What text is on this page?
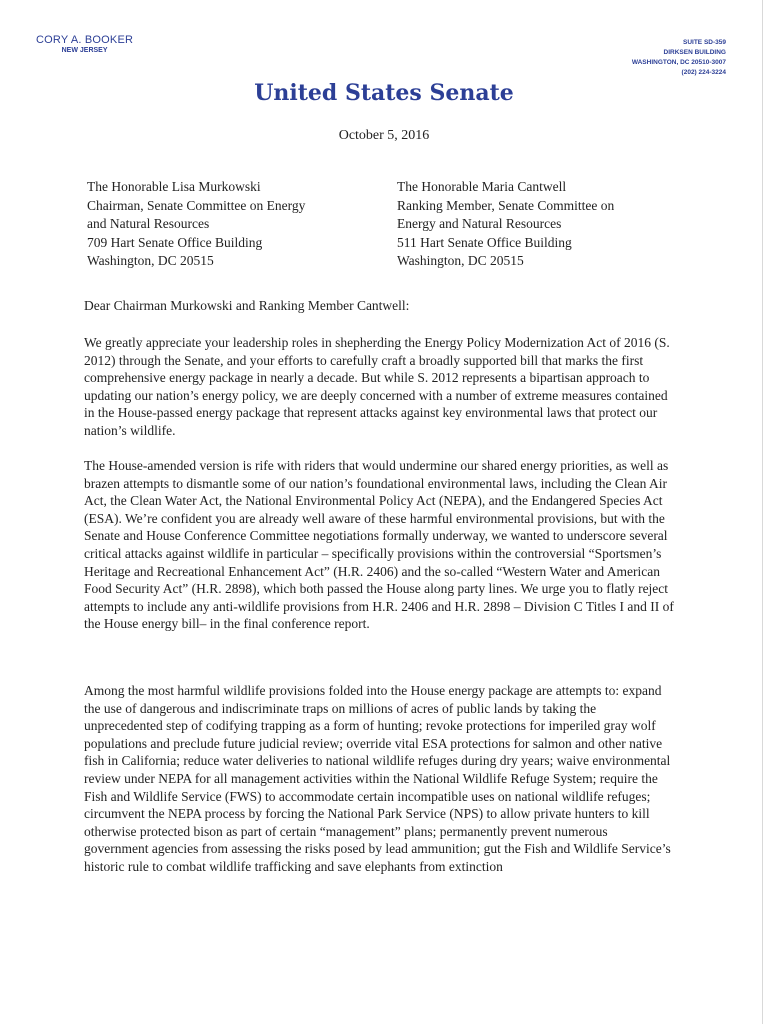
CORY A. BOOKER
NEW JERSEY
SUITE SD-359
DIRKSEN BUILDING
WASHINGTON, DC 20510-3007
(202) 224-3224
United States Senate
October 5, 2016
The Honorable Lisa Murkowski
Chairman, Senate Committee on Energy
and Natural Resources
709 Hart Senate Office Building
Washington, DC 20515
The Honorable Maria Cantwell
Ranking Member, Senate Committee on
Energy and Natural Resources
511 Hart Senate Office Building
Washington, DC 20515
Dear Chairman Murkowski and Ranking Member Cantwell:

We greatly appreciate your leadership roles in shepherding the Energy Policy Modernization Act of 2016 (S. 2012) through the Senate, and your efforts to carefully craft a broadly supported bill that marks the first comprehensive energy package in nearly a decade. But while S. 2012 represents a bipartisan approach to updating our nation’s energy policy, we are deeply concerned with a number of extreme measures contained in the House-passed energy package that represent attacks against key environmental laws that protect our nation’s wildlife.

The House-amended version is rife with riders that would undermine our shared energy priorities, as well as brazen attempts to dismantle some of our nation’s foundational environmental laws, including the Clean Air Act, the Clean Water Act, the National Environmental Policy Act (NEPA), and the Endangered Species Act (ESA). We’re confident you are already well aware of these harmful environmental provisions, but with the Senate and House Conference Committee negotiations formally underway, we wanted to underscore several critical attacks against wildlife in particular – specifically provisions within the controversial “Sportsmen’s Heritage and Recreational Enhancement Act” (H.R. 2406) and the so-called “Western Water and American Food Security Act” (H.R. 2898), which both passed the House along party lines. We urge you to flatly reject attempts to include any anti-wildlife provisions from H.R. 2406 and H.R. 2898 – Division C Titles I and II of the House energy bill– in the final conference report.

Among the most harmful wildlife provisions folded into the House energy package are attempts to: expand the use of dangerous and indiscriminate traps on millions of acres of public lands by taking the unprecedented step of codifying trapping as a form of hunting; revoke protections for imperiled gray wolf populations and preclude future judicial review; override vital ESA protections for salmon and other native fish in California; reduce water deliveries to national wildlife refuges during dry years; waive environmental review under NEPA for all management activities within the National Wildlife Refuge System; require the Fish and Wildlife Service (FWS) to accommodate certain incompatible uses on national wildlife refuges; circumvent the NEPA process by forcing the National Park Service (NPS) to allow private hunters to kill otherwise protected bison as part of certain “management” plans; permanently prevent numerous government agencies from assessing the risks posed by lead ammunition; gut the Fish and Wildlife Service’s historic rule to combat wildlife trafficking and save elephants from extinction
